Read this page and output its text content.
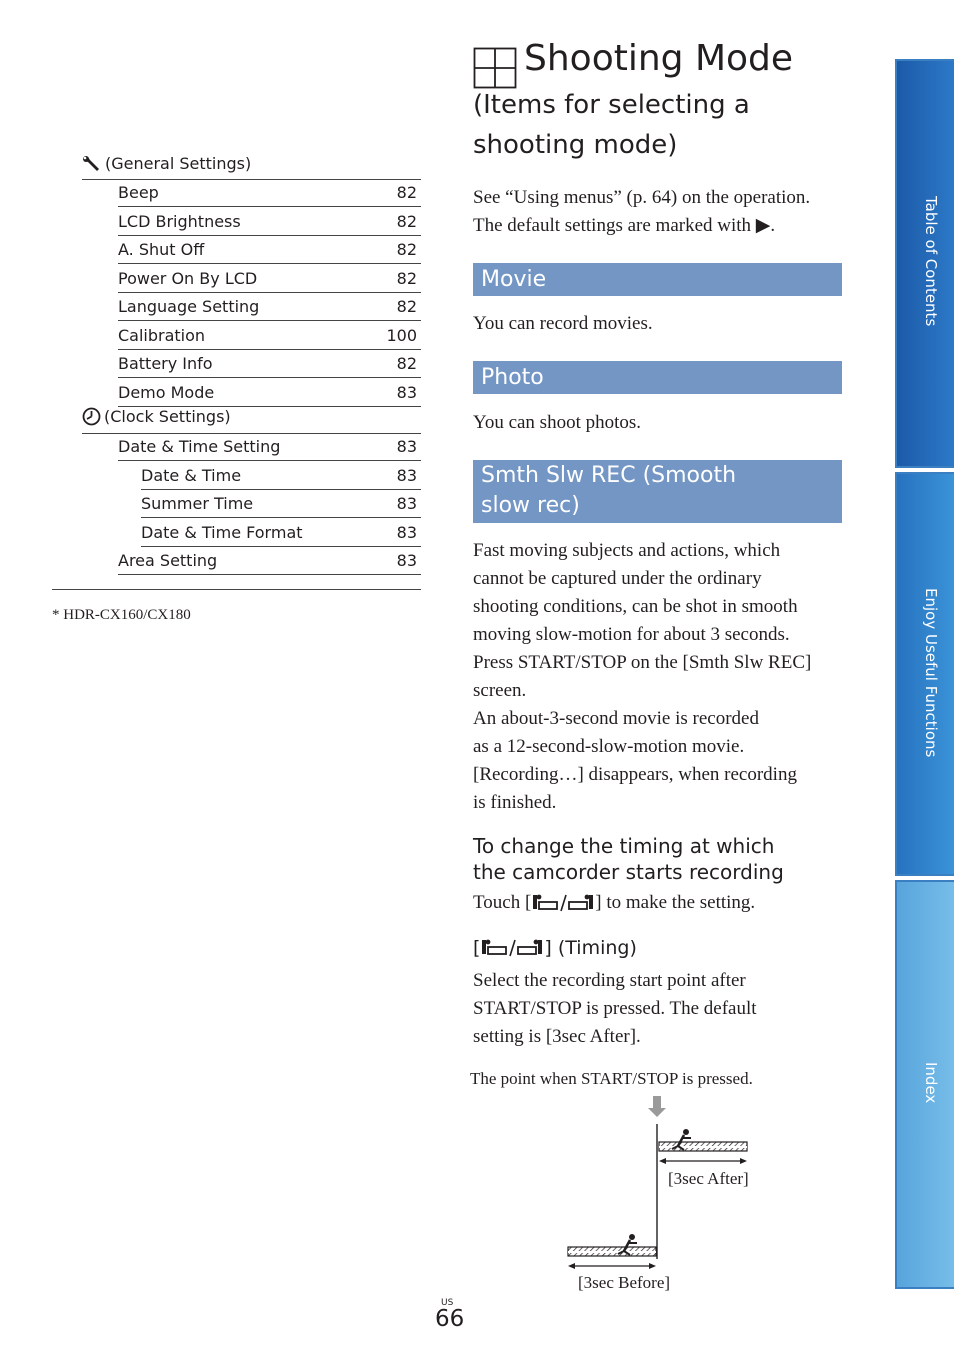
(General Settings)
Beep	82
LCD Brightness	82
A. Shut Off	82
Power On By LCD	82
Language Setting	82
Calibration	100
Battery Info	82
Demo Mode	83
(Clock Settings)
Date & Time Setting	83
Date & Time	83
Summer Time	83
Date & Time Format	83
Area Setting	83
* HDR-CX160/CX180
Shooting Mode
(Items for selecting a shooting mode)
See “Using menus” (p. 64) on the operation.
The default settings are marked with ▶.
Movie
You can record movies.
Photo
You can shoot photos.
Smth Slw REC (Smooth slow rec)
Fast moving subjects and actions, which
cannot be captured under the ordinary
shooting conditions, can be shot in smooth
moving slow-motion for about 3 seconds.
Press START/STOP on the [Smth Slw REC]
screen.
An about-3-second movie is recorded
as a 12-second-slow-motion movie.
[Recording…] disappears, when recording
is finished.
To change the timing at which the camcorder starts recording
Touch [	] to make the setting.
[	] (Timing)
Select the recording start point after
START/STOP is pressed. The default
setting is [3sec After].
The point when START/STOP is pressed.
[3sec After]
[3sec Before]
US
66
Table of Contents
Enjoy Useful Functions
Index
